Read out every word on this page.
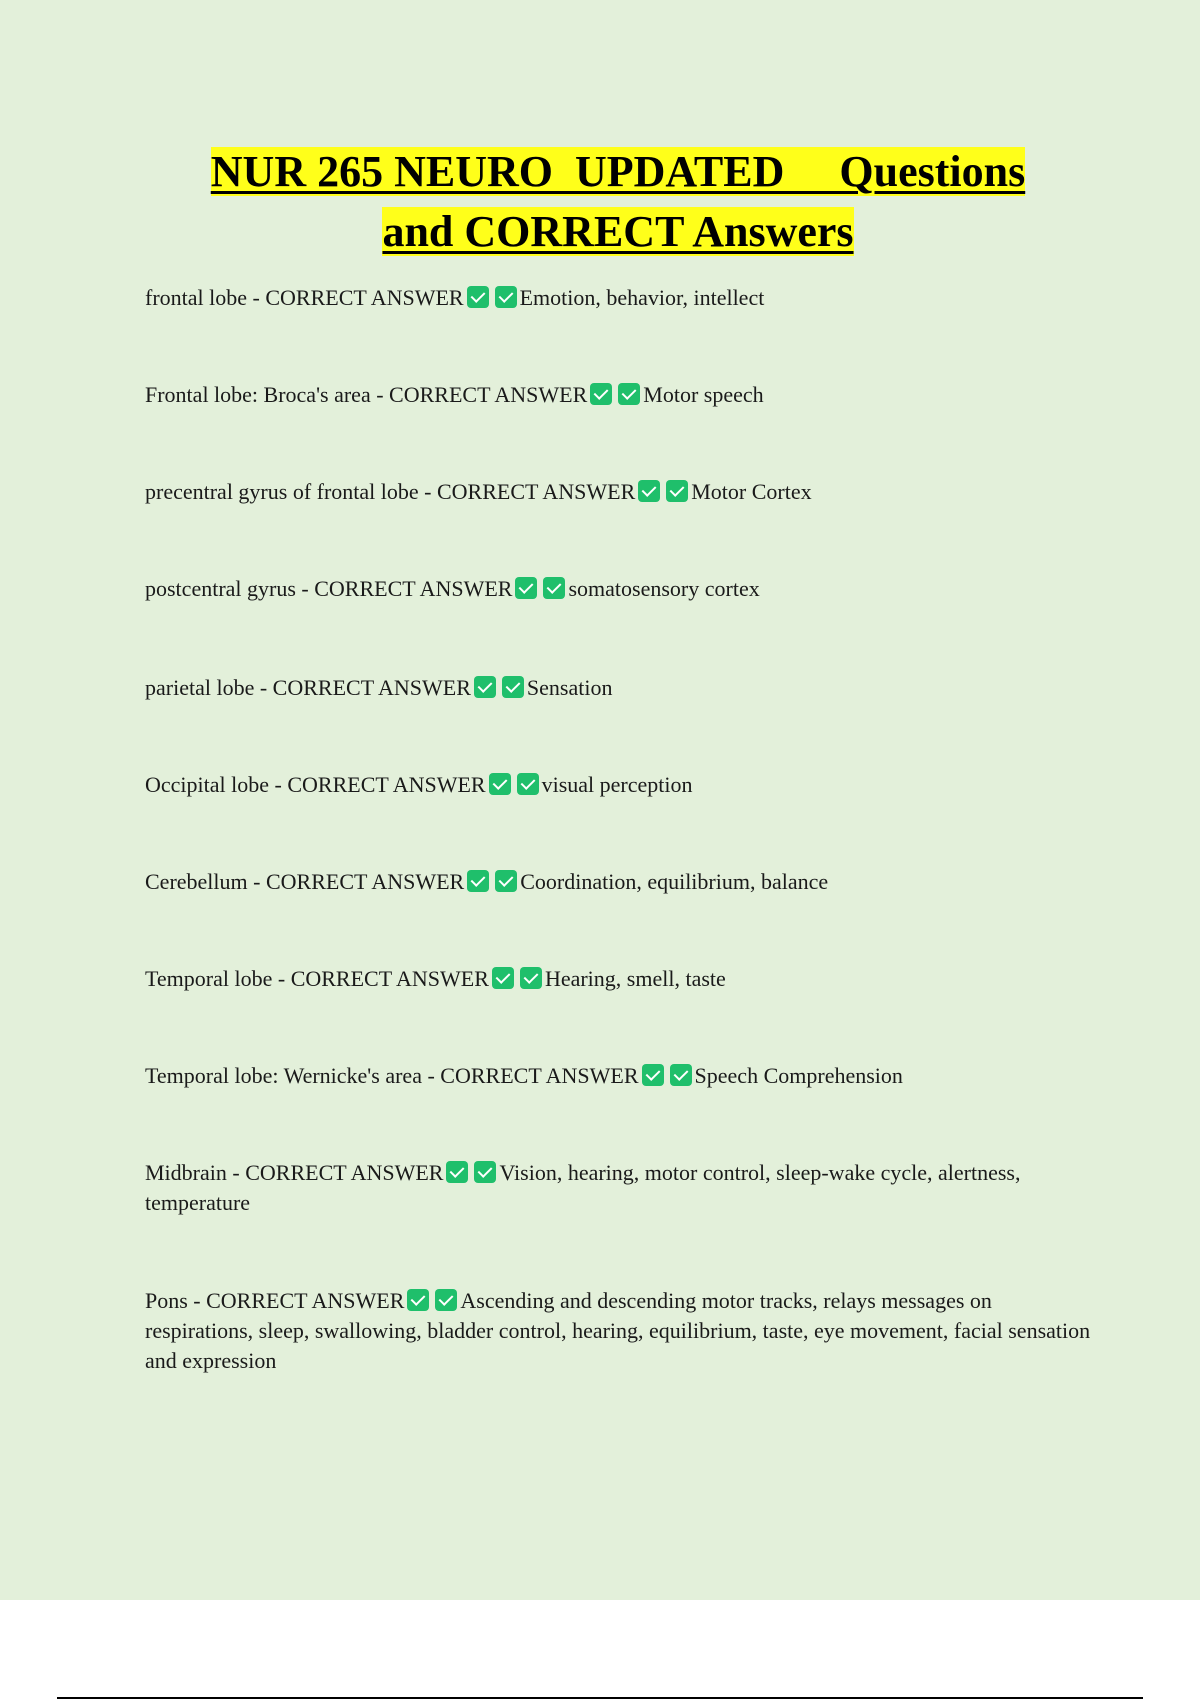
NUR 265 NEURO  UPDATED     Questions
and CORRECT Answers
frontal lobe - CORRECT ANSWER	Emotion, behavior, intellect
Frontal lobe: Broca's area - CORRECT ANSWER	Motor speech
precentral gyrus of frontal lobe - CORRECT ANSWER	Motor Cortex
postcentral gyrus - CORRECT ANSWER	somatosensory cortex
parietal lobe - CORRECT ANSWER	Sensation
Occipital lobe - CORRECT ANSWER	visual perception
Cerebellum - CORRECT ANSWER	Coordination, equilibrium, balance
Temporal lobe - CORRECT ANSWER	Hearing, smell, taste
Temporal lobe: Wernicke's area - CORRECT ANSWER	Speech Comprehension
Midbrain - CORRECT ANSWER	Vision, hearing, motor control, sleep-wake cycle, alertness, temperature
Pons - CORRECT ANSWER	Ascending and descending motor tracks, relays messages on respirations, sleep, swallowing, bladder control, hearing, equilibrium, taste, eye movement, facial sensation and expression
